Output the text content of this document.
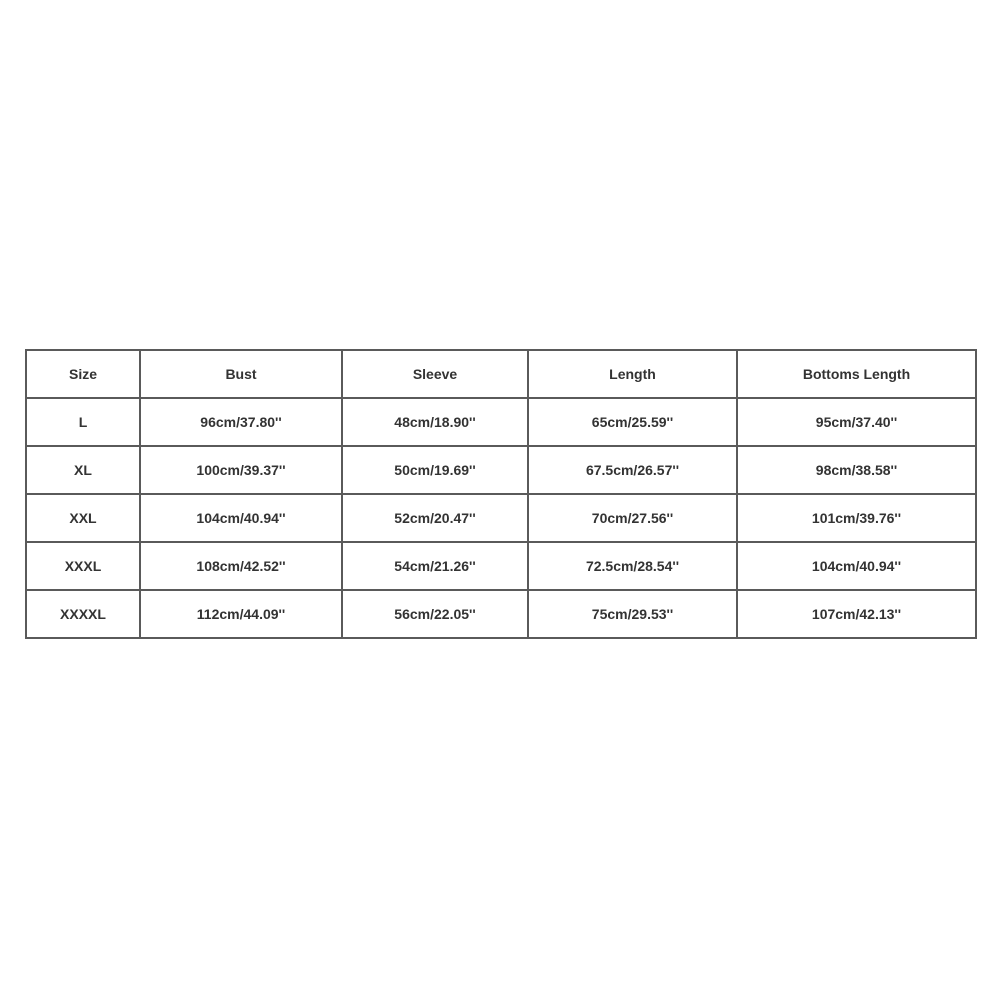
Size	Bust	Sleeve	Length	Bottoms Length
L	96cm/37.80''	48cm/18.90''	65cm/25.59''	95cm/37.40''
XL	100cm/39.37''	50cm/19.69''	67.5cm/26.57''	98cm/38.58''
XXL	104cm/40.94''	52cm/20.47''	70cm/27.56''	101cm/39.76''
XXXL	108cm/42.52''	54cm/21.26''	72.5cm/28.54''	104cm/40.94''
XXXXL	112cm/44.09''	56cm/22.05''	75cm/29.53''	107cm/42.13''
